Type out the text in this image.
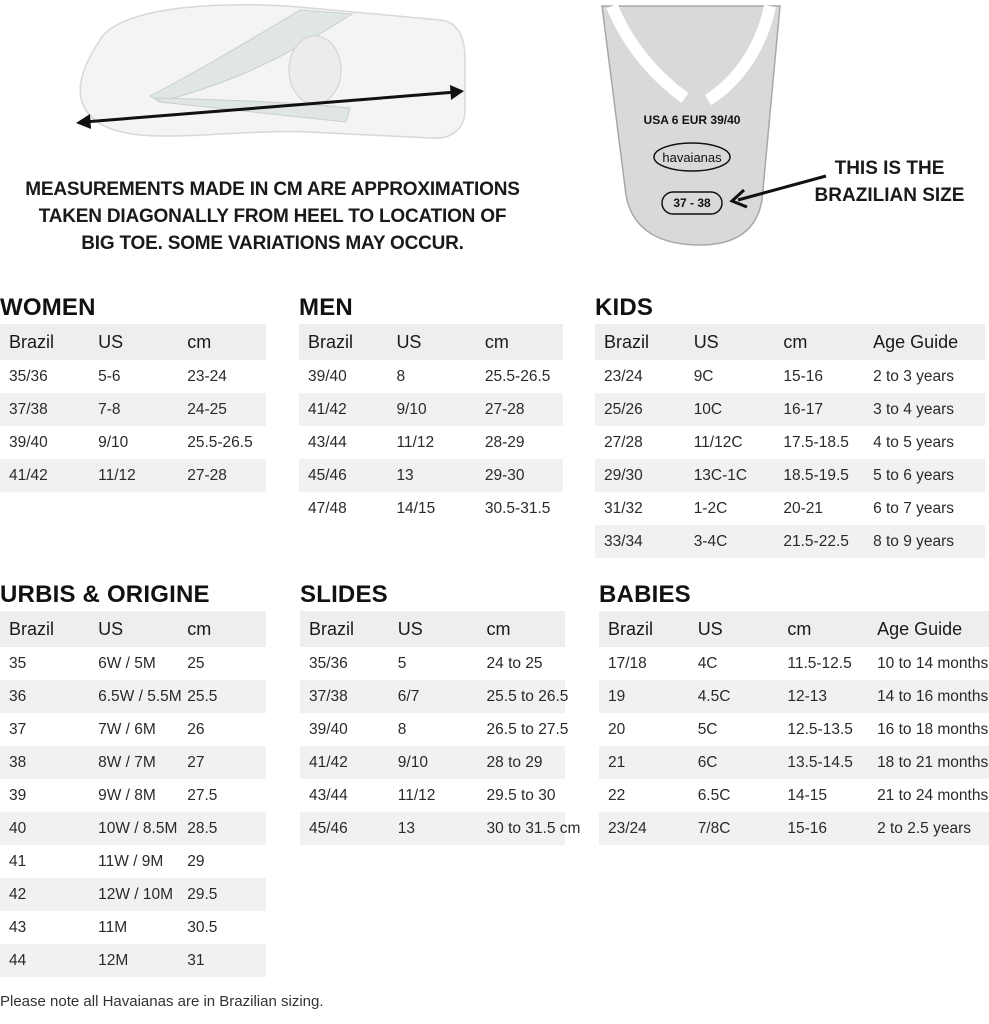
USA 6 EUR 39/40
havaianas
37 - 38
MEASUREMENTS MADE IN CM ARE APPROXIMATIONS
TAKEN DIAGONALLY FROM HEEL TO LOCATION OF
BIG TOE. SOME VARIATIONS MAY OCCUR.
THIS IS THE
BRAZILIAN SIZE
WOMEN
Brazil	US	cm
35/36	5-6	23-24
37/38	7-8	24-25
39/40	9/10	25.5-26.5
41/42	11/12	27-28
MEN
Brazil	US	cm
39/40	8	25.5-26.5
41/42	9/10	27-28
43/44	11/12	28-29
45/46	13	29-30
47/48	14/15	30.5-31.5
KIDS
Brazil	US	cm	Age Guide
23/24	9C	15-16	2 to 3 years
25/26	10C	16-17	3 to 4 years
27/28	11/12C	17.5-18.5	4 to 5 years
29/30	13C-1C	18.5-19.5	5 to 6 years
31/32	1-2C	20-21	6 to 7 years
33/34	3-4C	21.5-22.5	8 to 9 years
URBIS & ORIGINE
Brazil	US	cm
35	6W / 5M	25
36	6.5W / 5.5M	25.5
37	7W / 6M	26
38	8W / 7M	27
39	9W / 8M	27.5
40	10W / 8.5M	28.5
41	11W / 9M	29
42	12W / 10M	29.5
43	11M	30.5
44	12M	31
SLIDES
Brazil	US	cm
35/36	5	24 to 25
37/38	6/7	25.5 to 26.5
39/40	8	26.5 to 27.5
41/42	9/10	28 to 29
43/44	11/12	29.5 to 30
45/46	13	30 to 31.5 cm
BABIES
Brazil	US	cm	Age Guide
17/18	4C	11.5-12.5	10 to 14 months
19	4.5C	12-13	14 to 16 months
20	5C	12.5-13.5	16 to 18 months
21	6C	13.5-14.5	18 to 21 months
22	6.5C	14-15	21 to 24 months
23/24	7/8C	15-16	2 to 2.5 years
Please note all Havaianas are in Brazilian sizing.
